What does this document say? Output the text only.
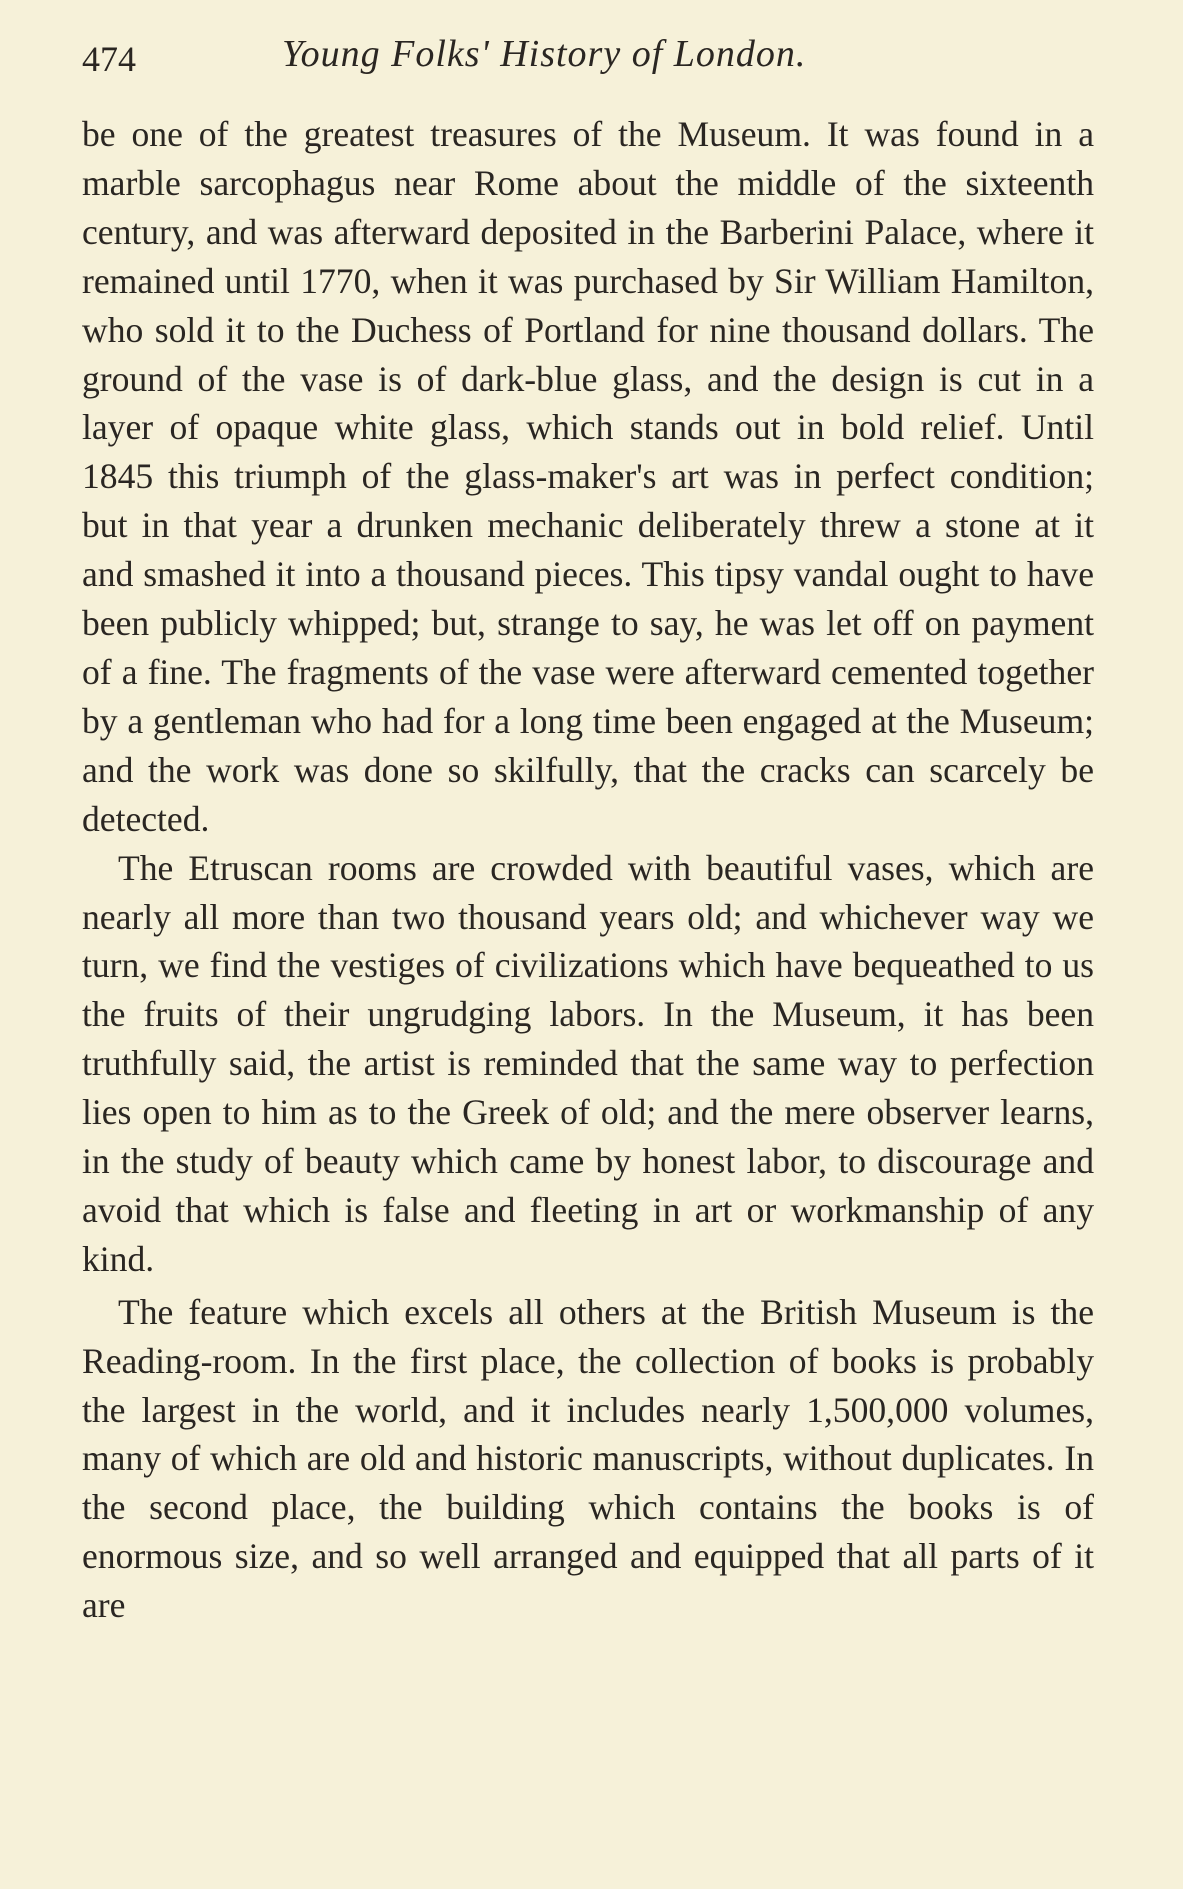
474	Young Folks' History of London.

be one of the greatest treasures of the Museum. It was found in a marble sarcophagus near Rome about the middle of the sixteenth century, and was afterward deposited in the Barberini Palace, where it remained until 1770, when it was purchased by Sir William Hamilton, who sold it to the Duchess of Portland for nine thousand dollars. The ground of the vase is of dark-blue glass, and the design is cut in a layer of opaque white glass, which stands out in bold relief. Until 1845 this triumph of the glass-maker's art was in perfect condition; but in that year a drunken mechanic deliberately threw a stone at it and smashed it into a thousand pieces. This tipsy vandal ought to have been publicly whipped; but, strange to say, he was let off on payment of a fine. The fragments of the vase were afterward cemented together by a gentleman who had for a long time been engaged at the Museum; and the work was done so skilfully, that the cracks can scarcely be detected.

The Etruscan rooms are crowded with beautiful vases, which are nearly all more than two thousand years old; and whichever way we turn, we find the vestiges of civilizations which have bequeathed to us the fruits of their ungrudging labors. In the Museum, it has been truthfully said, the artist is reminded that the same way to perfection lies open to him as to the Greek of old; and the mere observer learns, in the study of beauty which came by honest labor, to discourage and avoid that which is false and fleeting in art or workmanship of any kind.

The feature which excels all others at the British Museum is the Reading-room. In the first place, the collection of books is probably the largest in the world, and it includes nearly 1,500,000 volumes, many of which are old and historic manuscripts, without duplicates. In the second place, the building which contains the books is of enormous size, and so well arranged and equipped that all parts of it are
